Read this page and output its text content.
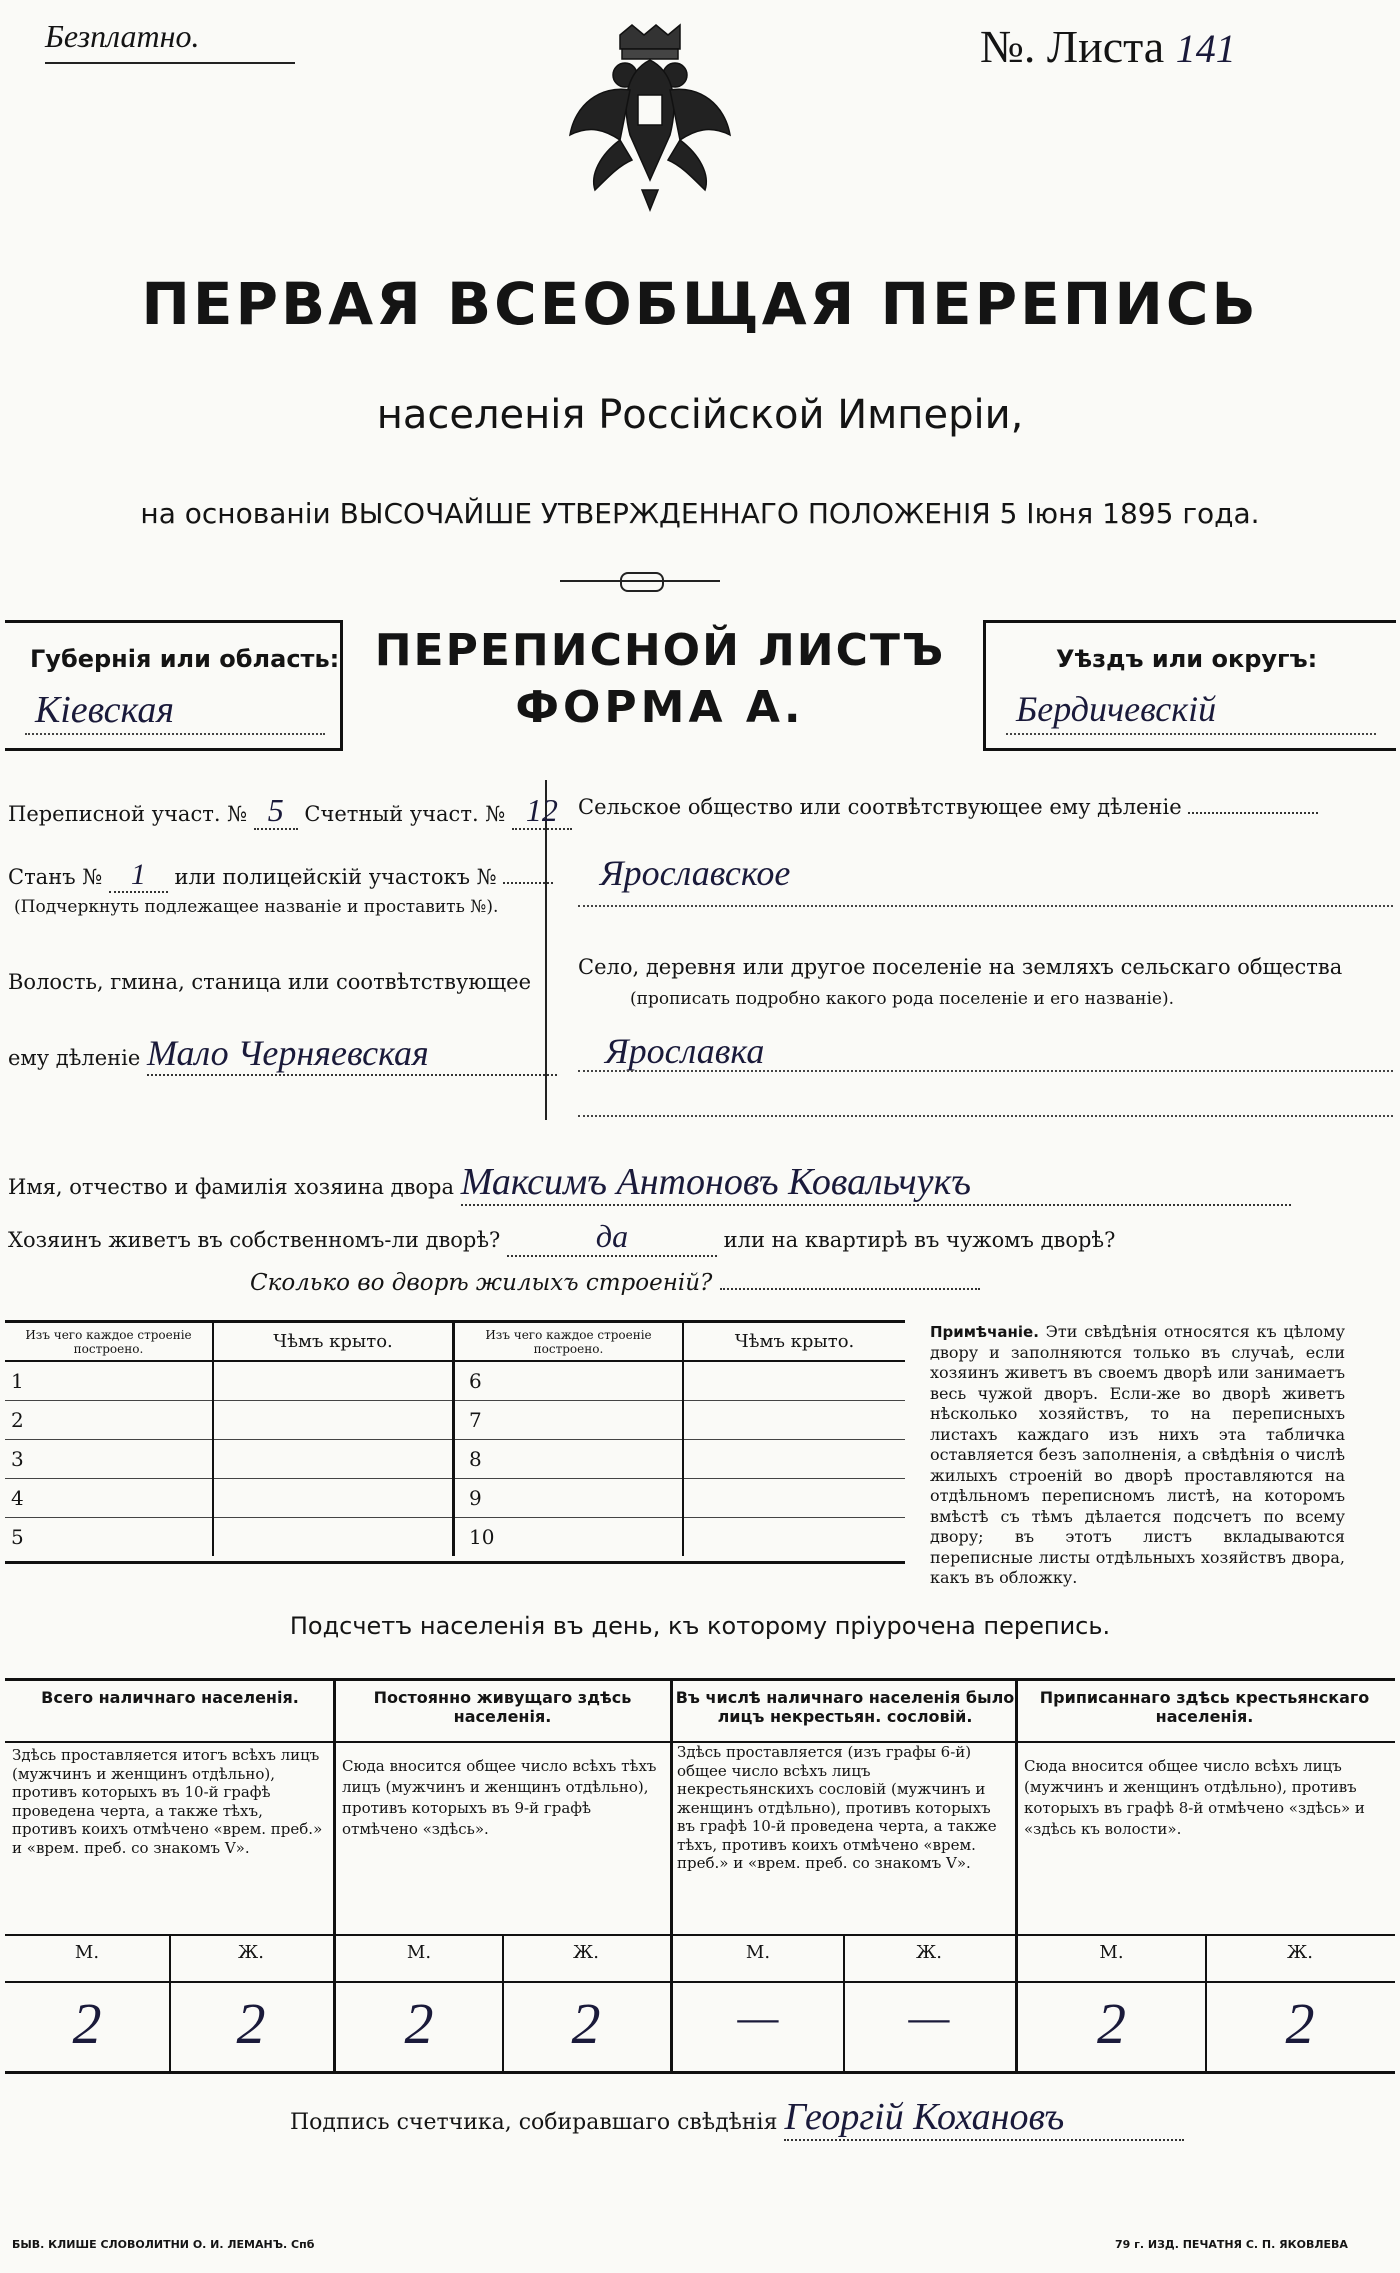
Безплатно.	№. Листа 141
ПЕРВАЯ ВСЕОБЩАЯ ПЕРЕПИСЬ
населенія Россійской Имперіи,
на основаніи ВЫСОЧАЙШЕ УТВЕРЖДЕННАГО ПОЛОЖЕНІЯ 5 Іюня 1895 года.
Губернія или область:
Кіевская
ПЕРЕПИСНОЙ ЛИСТЪ
ФОРМА А.
Уѣздъ или округъ:
Бердичевскій
Переписной участ. № 5 Счетный участ. № 12
Станъ № 1 или полицейскій участокъ №
(Подчеркнуть подлежащее названіе и проставить №).
Волость, гмина, станица или соотвѣтствующее
ему дѣленіе Мало Черняевская
Сельское общество или соотвѣтствующее ему дѣленіе
Ярославское
Село, деревня или другое поселеніе на земляхъ сельскаго общества
(прописать подробно какого рода поселеніе и его названіе).
Ярославка
Имя, отчество и фамилія хозяина двора Максимъ Антоновъ Ковальчукъ
Хозяинъ живетъ въ собственномъ-ли дворѣ?	да	или на квартирѣ въ чужомъ дворѣ?
Сколько во дворѣ жилыхъ строеній?
Изъ чего каждое строеніе построено.	Чѣмъ крыто.
1	
2	
3	
4	
5	
Изъ чего каждое строеніе построено.	Чѣмъ крыто.
6	
7	
8	
9	
10	
Примѣчаніе. Эти свѣдѣнія относятся къ цѣлому двору и заполняются только въ случаѣ, если хозяинъ живетъ въ своемъ дворѣ или занимаетъ весь чужой дворъ. Если-же во дворѣ живетъ нѣсколько хозяйствъ, то на переписныхъ листахъ каждаго изъ нихъ эта табличка оставляется безъ заполненія, а свѣдѣнія о числѣ жилыхъ строеній во дворѣ проставляются на отдѣльномъ переписномъ листѣ, на которомъ вмѣстѣ съ тѣмъ дѣлается подсчетъ по всему двору; въ этотъ листъ вкладываются переписные листы отдѣльныхъ хозяйствъ двора, какъ въ обложку.
Подсчетъ населенія въ день, къ которому пріурочена перепись.
Всего наличнаго населенія.
Здѣсь проставляется итогъ всѣхъ лицъ (мужчинъ и женщинъ отдѣльно), противъ которыхъ въ 10-й графѣ проведена черта, а также тѣхъ, противъ коихъ отмѣчено «врем. преб.» и «врем. преб. со знакомъ V».
М.	Ж.
2	2
Постоянно живущаго здѣсь населенія.
Сюда вносится общее число всѣхъ тѣхъ лицъ (мужчинъ и женщинъ отдѣльно), противъ которыхъ въ 9-й графѣ отмѣчено «здѣсь».
М.	Ж.
2	2
Въ числѣ наличнаго населенія было лицъ некрестьян. сословій.
Здѣсь проставляется (изъ графы 6-й) общее число всѣхъ лицъ некрестьянскихъ сословій (мужчинъ и женщинъ отдѣльно), противъ которыхъ въ графѣ 10-й проведена черта, а также тѣхъ, противъ коихъ отмѣчено «врем. преб.» и «врем. преб. со знакомъ V».
М.	Ж.
—	—
Приписаннаго здѣсь крестьянскаго населенія.
Сюда вносится общее число всѣхъ лицъ (мужчинъ и женщинъ отдѣльно), противъ которыхъ въ графѣ 8-й отмѣчено «здѣсь» и «здѣсь къ волости».
М.	Ж.
2	2
Подпись счетчика, собиравшаго свѣдѣнія Георгій Кохановъ
БЫВ. КЛИШЕ СЛОВОЛИТНИ О. И. ЛЕМАНЪ. Спб	79 г. ИЗД. ПЕЧАТНЯ С. П. ЯКОВЛЕВА
